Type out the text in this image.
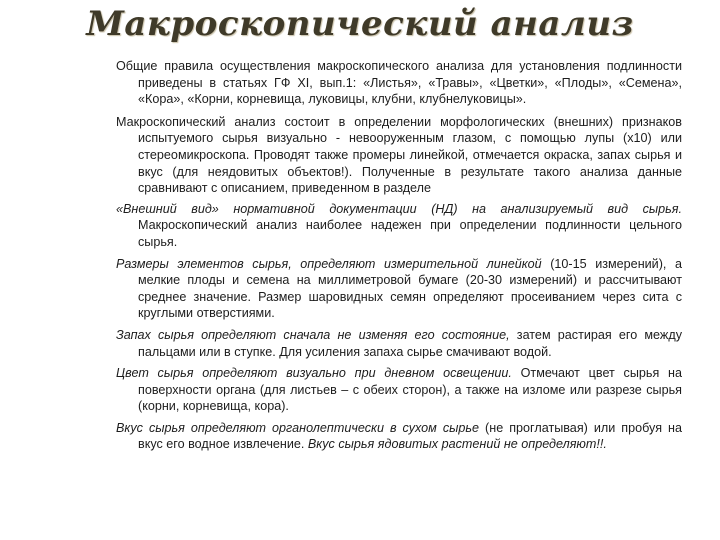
Макроскопический анализ

Общие правила осуществления макроскопического анализа для установления подлинности приведены в статьях ГФ XI, вып.1: «Листья», «Травы», «Цветки», «Плоды», «Семена», «Кора», «Корни, корневища, луковицы, клубни, клубнелуковицы».

Макроскопический анализ состоит в определении морфологических (внешних) признаков испытуемого сырья визуально - невооруженным глазом, с помощью лупы (х10) или стереомикроскопа. Проводят также промеры линейкой, отмечается окраска, запах сырья и вкус (для неядовитых объектов!). Полученные в результате такого анализа данные сравнивают с описанием, приведенном в разделе

«Внешний вид» нормативной документации (НД) на анализируемый вид сырья. Макроскопический анализ наиболее надежен при определении подлинности цельного сырья.

Размеры элементов сырья, определяют измерительной линейкой (10-15 измерений), а мелкие плоды и семена на миллиметровой бумаге (20-30 измерений) и рассчитывают среднее значение. Размер шаровидных семян определяют просеиванием через сита с круглыми отверстиями.

Запах сырья определяют сначала не изменяя его состояние, затем растирая его между пальцами или в ступке. Для усиления запаха сырье смачивают водой.

Цвет сырья определяют визуально при дневном освещении. Отмечают цвет сырья на поверхности органа (для листьев – с обеих сторон), а также на изломе или разрезе сырья (корни, корневища, кора).

Вкус сырья определяют органолептически в сухом сырье (не проглатывая) или пробуя на вкус его водное извлечение. Вкус сырья ядовитых растений не определяют!!.
